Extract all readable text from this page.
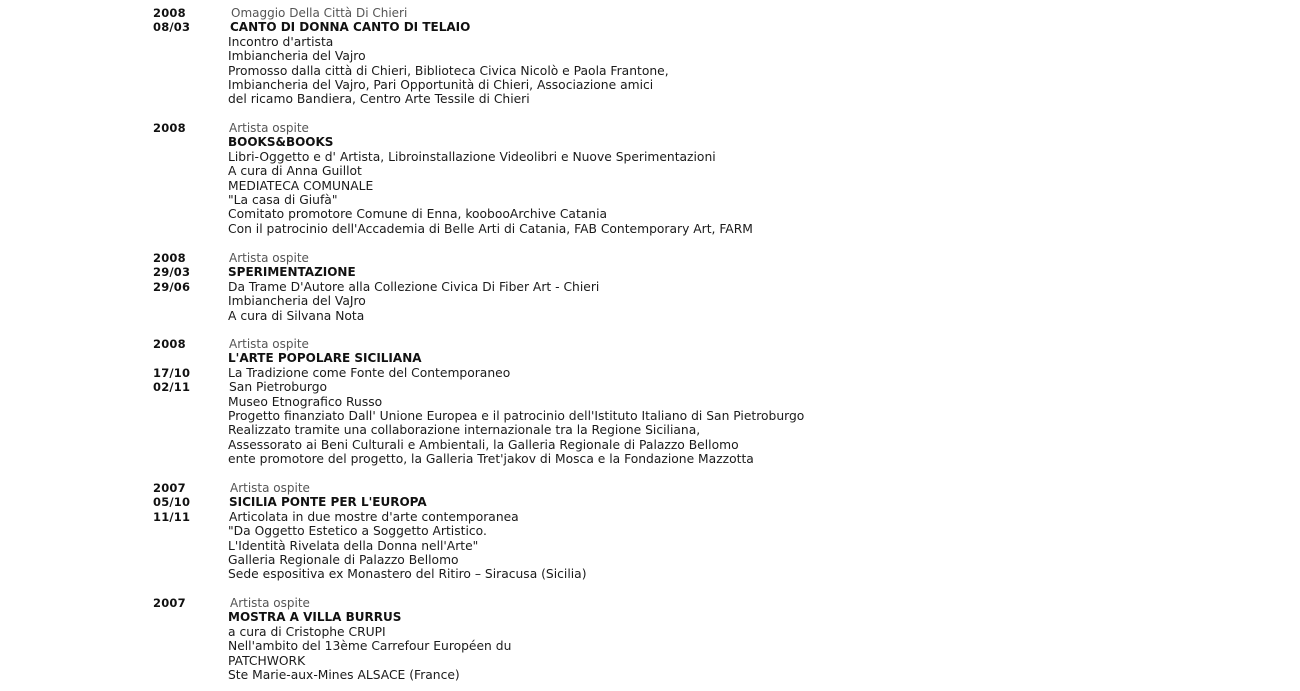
2008
08/03
Omaggio Della Città Di Chieri
CANTO DI DONNA CANTO DI TELAIO
Incontro d'artista
Imbiancheria del Vajro
Promosso dalla città di Chieri, Biblioteca Civica Nicolò e Paola Frantone,
Imbiancheria del Vajro, Pari Opportunità di Chieri, Associazione amici
del ricamo Bandiera, Centro Arte Tessile di Chieri
2008	Artista ospite
BOOKS&BOOKS
Libri-Oggetto e d' Artista, Libroinstallazione Videolibri e Nuove Sperimentazioni
A cura di Anna Guillot
MEDIATECA COMUNALE
"La casa di Giufà"
Comitato promotore Comune di Enna, koobooArchive Catania
Con il patrocinio dell'Accademia di Belle Arti di Catania, FAB Contemporary Art, FARM
2008
29/03
29/06
Artista ospite
SPERIMENTAZIONE
Da Trame D'Autore alla Collezione Civica Di Fiber Art - Chieri
Imbiancheria del VaJro
A cura di Silvana Nota
2008
17/10
02/11
Artista ospite
L'ARTE POPOLARE SICILIANA
La Tradizione come Fonte del Contemporaneo
San Pietroburgo
Museo Etnografico Russo
Progetto finanziato Dall' Unione Europea e il patrocinio dell'Istituto Italiano di San Pietroburgo
Realizzato tramite una collaborazione internazionale tra la Regione Siciliana,
Assessorato ai Beni Culturali e Ambientali, la Galleria Regionale di Palazzo Bellomo
ente promotore del progetto, la Galleria Tret'jakov di Mosca e la Fondazione Mazzotta
2007
05/10
11/11
Artista ospite
SICILIA PONTE PER L'EUROPA
Articolata in due mostre d'arte contemporanea
"Da Oggetto Estetico a Soggetto Artistico.
L'Identità Rivelata della Donna nell'Arte"
Galleria Regionale di Palazzo Bellomo
Sede espositiva ex Monastero del Ritiro – Siracusa (Sicilia)
2007	Artista ospite
MOSTRA A VILLA BURRUS
a cura di Cristophe CRUPI
Nell'ambito del 13ème Carrefour Européen du
PATCHWORK
Ste Marie-aux-Mines ALSACE (France)
